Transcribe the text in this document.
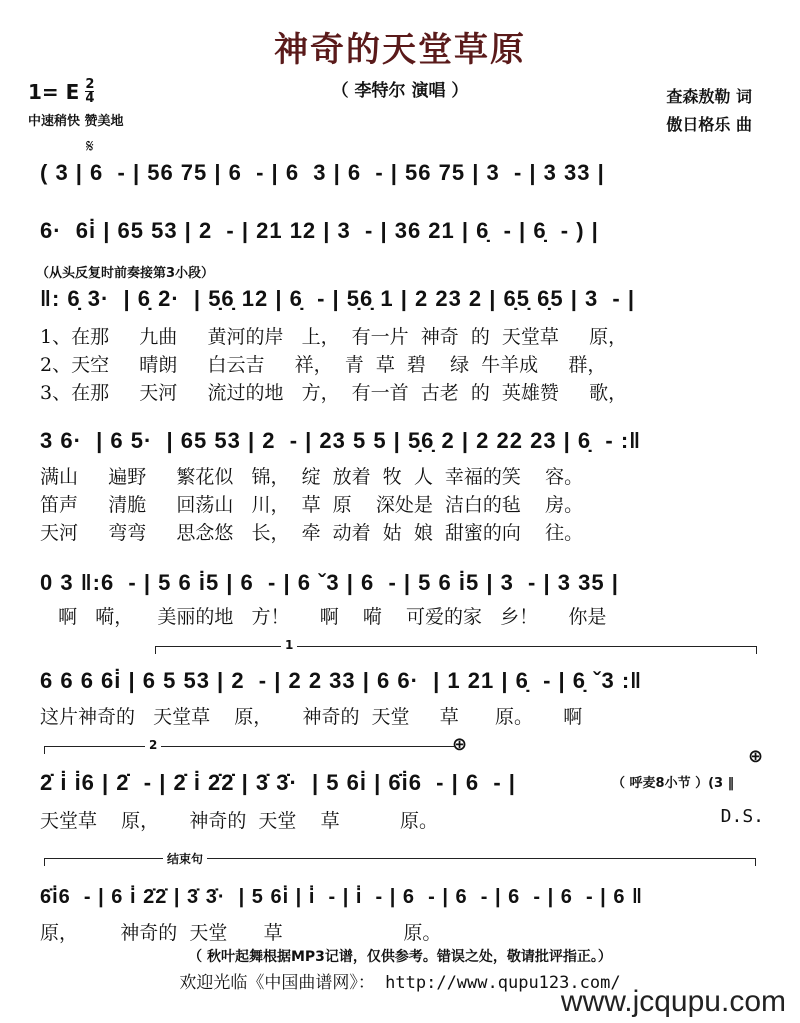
神奇的天堂草原
（ 李特尔 演唱 ）
1= E $\frac{2}{4}$
中速稍快 赞美地
查森敖勒 词
傲日格乐 曲
𝄋
( 3 | 6  - | 56 75 | 6  - | 6  3 | 6  - | 56 75 | 3  - | 3 33 |
6·  6i̇ | 65 53 | 2  - | 21 12 | 3  - | 36 21 | 6̣  - | 6̣  - ) |
（从头反复时前奏接第3小段）
‖: 6̣ 3·  | 6̣ 2·  | 5̣6̣ 12 | 6̣  - | 5̣6̣ 1 | 2 23 2 | 6̣5̣ 6̣5 | 3  - |
1、在那     九曲     黄河的岸   上，  有一片  神奇  的  天堂草     原，
2、天空     晴朗     白云吉     祥，  青  草  碧    绿  牛羊成     群，
3、在那     天河     流过的地   方，  有一首  古老  的  英雄赞     歌，
3 6·  | 6 5·  | 65 53 | 2  - | 23 5 5 | 5̣6̣ 2 | 2 22 23 | 6̣  - :‖
满山     遍野     繁花似   锦，  绽  放着  牧  人  幸福的笑    容。
笛声     清脆     回荡山   川，  草  原    深处是  洁白的毡    房。
天河     弯弯     思念悠   长，  牵  动着  姑  娘  甜蜜的向    往。
0 3 ‖:6  - | 5 6 i̇5 | 6  - | 6 ˇ3 | 6  - | 5 6 i̇5 | 3  - | 3 35 |
啊   嗬，    美丽的地   方！     啊    嗬    可爱的家   乡！     你是
1
6 6 6 6i̇ | 6 5 53 | 2  - | 2 2 33 | 6 6·  | 1 21 | 6̣  - | 6̣ ˇ3 :‖
这片神奇的   天堂草    原，     神奇的  天堂     草      原。     啊
2	⊕
⊕
2̇ i̇ i̇6 | 2̇  - | 2̇ i̇ 2̇2̇ | 3̇ 3̇·  | 5 6i̇ | 6̇i̇6  - | 6  - |	（ 呼麦8小节 ）(3 ‖
天堂草    原，     神奇的  天堂    草          原。	D.S.
结束句
6̇i̇6  - | 6 i̇ 2̇2̇ | 3̇ 3̇·  | 5 6i̇ | i̇  - | i̇  - | 6  - | 6  - | 6  - | 6  - | 6 ‖
原，       神奇的  天堂      草                    原。
（ 秋叶起舞根据MP3记谱，仅供参考。错误之处，敬请批评指正。）
欢迎光临《中国曲谱网》： http://www.qupu123.com/
www.jcqupu.com
